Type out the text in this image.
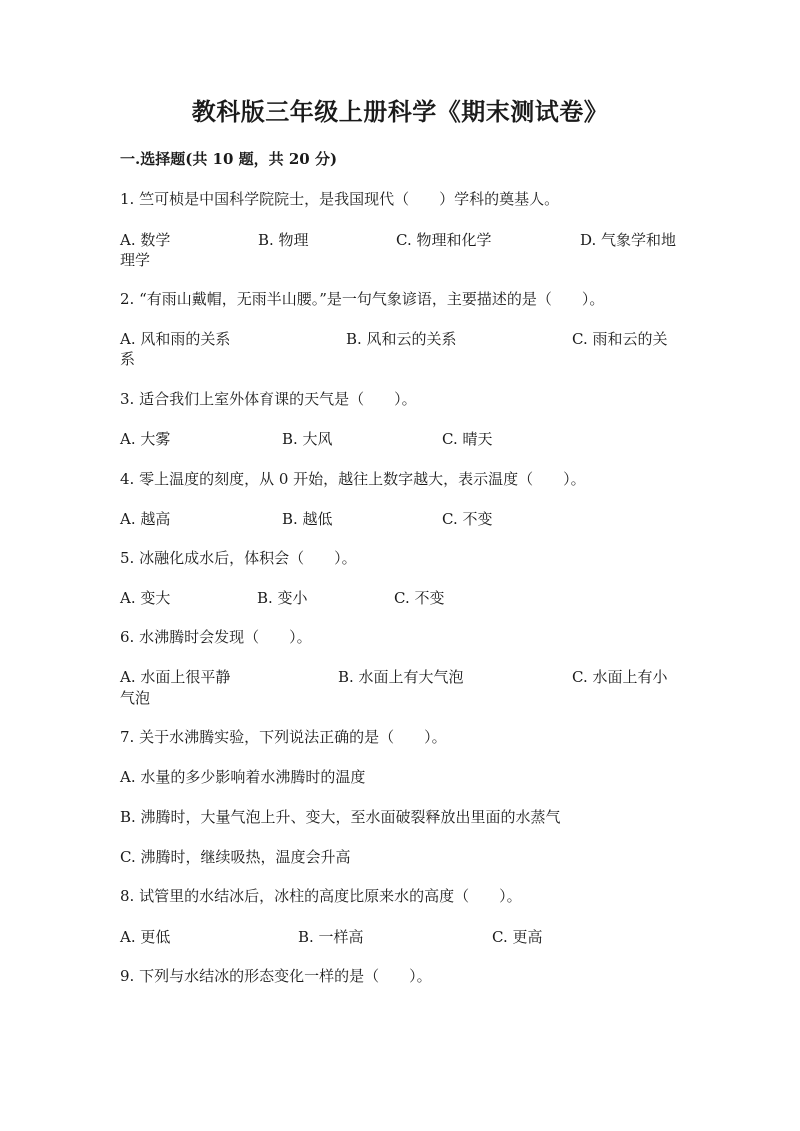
教科版三年级上册科学《期末测试卷》
一.选择题(共 10 题，共 20 分)
1. 竺可桢是中国科学院院士，是我国现代（　　）学科的奠基人。
A. 数学	B. 物理	C. 物理和化学	D. 气象学和地
理学
2. “有雨山戴帽，无雨半山腰。”是一句气象谚语，主要描述的是（　　）。
A. 风和雨的关系	B. 风和云的关系	C. 雨和云的关
系
3. 适合我们上室外体育课的天气是（　　）。
A. 大雾	B. 大风	C. 晴天
4. 零上温度的刻度，从 0 开始，越往上数字越大，表示温度（　　）。
A. 越高	B. 越低	C. 不变
5. 冰融化成水后，体积会（　　）。
A. 变大	B. 变小	C. 不变
6. 水沸腾时会发现（　　）。
A. 水面上很平静	B. 水面上有大气泡	C. 水面上有小
气泡
7. 关于水沸腾实验，下列说法正确的是（　　）。
A. 水量的多少影响着水沸腾时的温度
B. 沸腾时，大量气泡上升、变大，至水面破裂释放出里面的水蒸气
C. 沸腾时，继续吸热，温度会升高
8. 试管里的水结冰后，冰柱的高度比原来水的高度（　　）。
A. 更低	B. 一样高	C. 更高
9. 下列与水结冰的形态变化一样的是（　　）。
